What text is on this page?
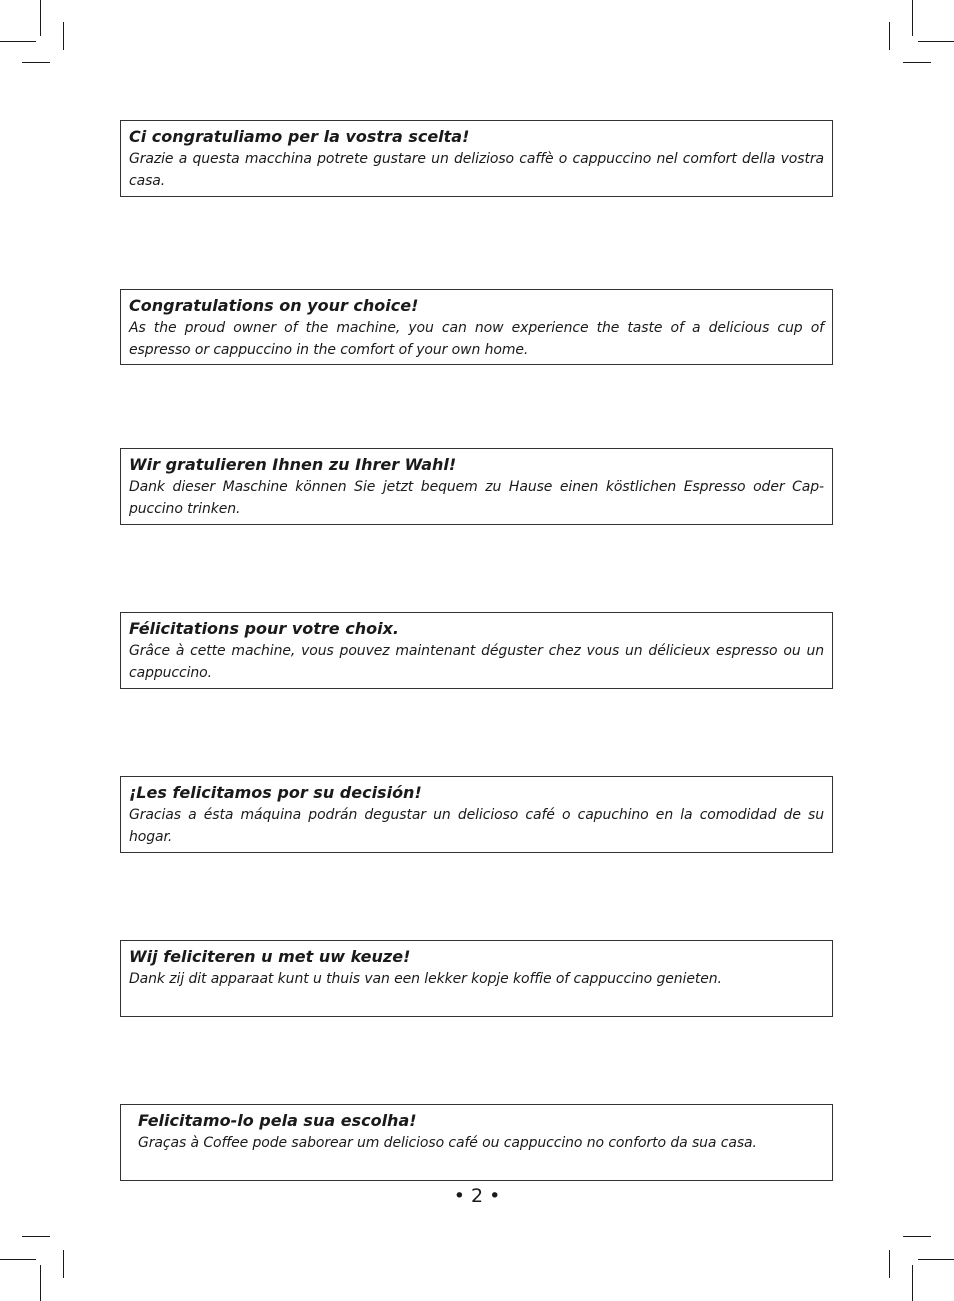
Ci congratuliamo per la vostra scelta!
Grazie a questa macchina potrete gustare un delizioso caffè o cappuccino nel comfort della vostra casa.
Congratulations on your choice!
As the proud owner of the machine, you can now experience the taste of a delicious cup of espresso or cappuccino in the comfort of your own home.
Wir gratulieren Ihnen zu Ihrer Wahl!
Dank dieser Maschine können Sie jetzt bequem zu Hause einen köstlichen Espresso oder Cap-puccino trinken.
Félicitations pour votre choix.
Grâce à cette machine, vous pouvez maintenant déguster chez vous un délicieux espresso ou un cappuccino.
¡Les felicitamos por su decisión!
Gracias a ésta máquina podrán degustar un delicioso café o capuchino en la comodidad de su hogar.
Wij feliciteren u met uw keuze!
Dank zij dit apparaat kunt u thuis van een lekker kopje koffie of cappuccino genieten.
Felicitamo-lo pela sua escolha!
Graças à Coffee pode saborear um delicioso café ou cappuccino no conforto da sua casa.
• 2 •
